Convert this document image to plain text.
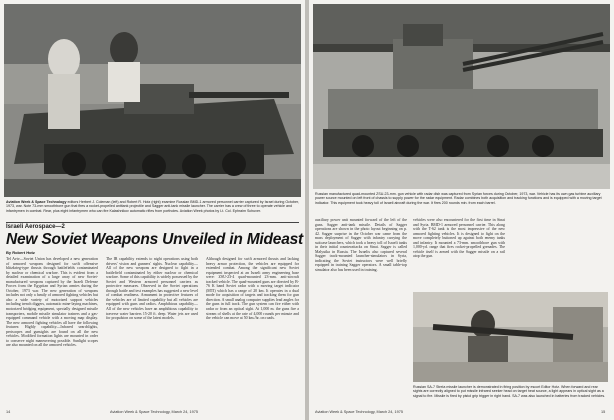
Aviation Week & Space Technology editors Herbert J. Coleman (left) and Robert R. Hotz (right) examine Russian BMD-1 armored personnel carrier captured by Israel during October, 1973, war. Note 73-mm smoothbore gun that fires a rocket-propelled antitank projectile and Sagger anti-tank missile launcher. The carrier has a crew of three to operate vehicle and infantrymen in combat. Rear, plus eight infantrymen who can fire Kalashnikov automatic rifles from portholes. Aviation Week photos by Lt. Col. Ephraim Schuver.

Israeli Aerospace—2
New Soviet Weapons Unveiled in Mideast
By Robert Hotz

Tel Aviv—Soviet Union has developed a new generation of armored weapons designed for swift offensive blitzkrieg-type thrusts through battlefields contaminated by nuclear or chemical warfare. This is evident from a detailed examination of a large array of new Soviet-manufactured weapons captured by the Israeli Defense Forces from the Egyptian and Syrian armies during the October, 1973 war. The new generation of weapons includes not only a family of armored fighting vehicles but also a wide variety of motorized support vehicles including trench diggers, automatic mine-laying machines, motorized bridging equipment, specially designed missile transporters, mobile missile simulator trainers and a gas-equipped command vehicle with a moving map display. The new armored fighting vehicles all have the following features: Highly capability—Infrared searchlights, periscopes and gunsights are found on all the new vehicles. Modified formation lights are mounted in order to conserve night maneuvering possible. Sunlight scopes are also mounted on all the armored vehicles.

The IR capability extends to night operations using both drivers' vision and gunners' sights. Nuclear capability—All of the new weapons are designed to fight in a battlefield contaminated by either nuclear or chemical warfare. Some of this capability is widely possessed by the Soviet and Western armored personnel carriers as protective measures. Observed in the Soviet operations through battle and test examples has suggested a new level of combat readiness. Armament in protective features of the vehicles are of limited capability but all vehicles are equipped with guns and radios. Amphibious capability—All of the new vehicles have an amphibious capability to traverse water barriers 15-20 ft. deep. Water jets are used for propulsion on some of the latest models.

Although designed for swift armored thrusts and lacking heavy armor protection, the vehicles are equipped for extended combat. Among the significant new Soviet equipment inspected at an Israeli army engineering base were: ZSU-23-4 quad-mounted 23-mm. anti-aircraft tracked vehicle. The quad-mounted guns are directed by B-76 K band Soviet radar with a moving target indicator (MTI) which has a range of 20 km. It operates in a dual mode for acquisition of targets and tracking them for gun direction. A small analog computer supplies lead angles for the guns in full track. The gun system can fire either with radar or from an optical sight. At 1,000 m. the guns fire a stream of shells at the rate of 4,000 rounds per minute and the vehicle can move at 50 km./hr. on roads.

14	Aviation Week & Space Technology, March 24, 1975

Russian manufactured quad-mounted ZSU-23-mm. gun vehicle with radar dish was captured from Syrian forces during October, 1973, war. Vehicle has its own gas turbine auxiliary power source mounted on left front of chassis to supply power for the radar equipment. Radar combines both acquisition and tracking functions and is equipped with a moving target indicator. This equipment took heavy toll of Israeli aircraft during the war. It fires 200 rounds min. from each barrel.

auxiliary power unit mounted forward of the left of the guns. Sagger anti-tank missile. Details of Sagger operations are shown in the photo layout beginning on p. 42. Sagger surprise in the October war came from the mass deployment of Sagger with infantry carrying the suitcase launchers, which took a heavy toll of Israeli tanks in their initial counterattacks on Sinai. Sagger is called Malyutka in Russia. The Israelis also captured several Sagger track-mounted launcher-simulators in Syria, indicating the Soviet instructors were well briefly equipped in training Sagger operators. A small table-top simulator also has been used in training.

vehicles were also encountered for the first time in Sinai and Syria. BMD-1 armored personnel carrier. This along with the T-62 tank is the most impressive of the new armored fighting vehicles. It is designed to fight on the move completely buttoned up against both enemy tanks and infantry. It mounted a 73-mm. smoothbore gun with 1,000-yd. range that fires rocket-propelled grenades. The vehicle itself is armed with the Sagger missile on a rail atop the gun.

Russian SA-7 Strela missile launcher is demonstrated in firing position by escort Editor Hotz. When forward and rear sights are correctly aligned to put missile infrared seeker head on target heat source, a light appears in optical sight as a signal to fire. Missile is fired by pistol grip trigger in right hand. SA-7 was also launched in batteries from tracked vehicles.

Aviation Week & Space Technology, March 24, 1975	15
